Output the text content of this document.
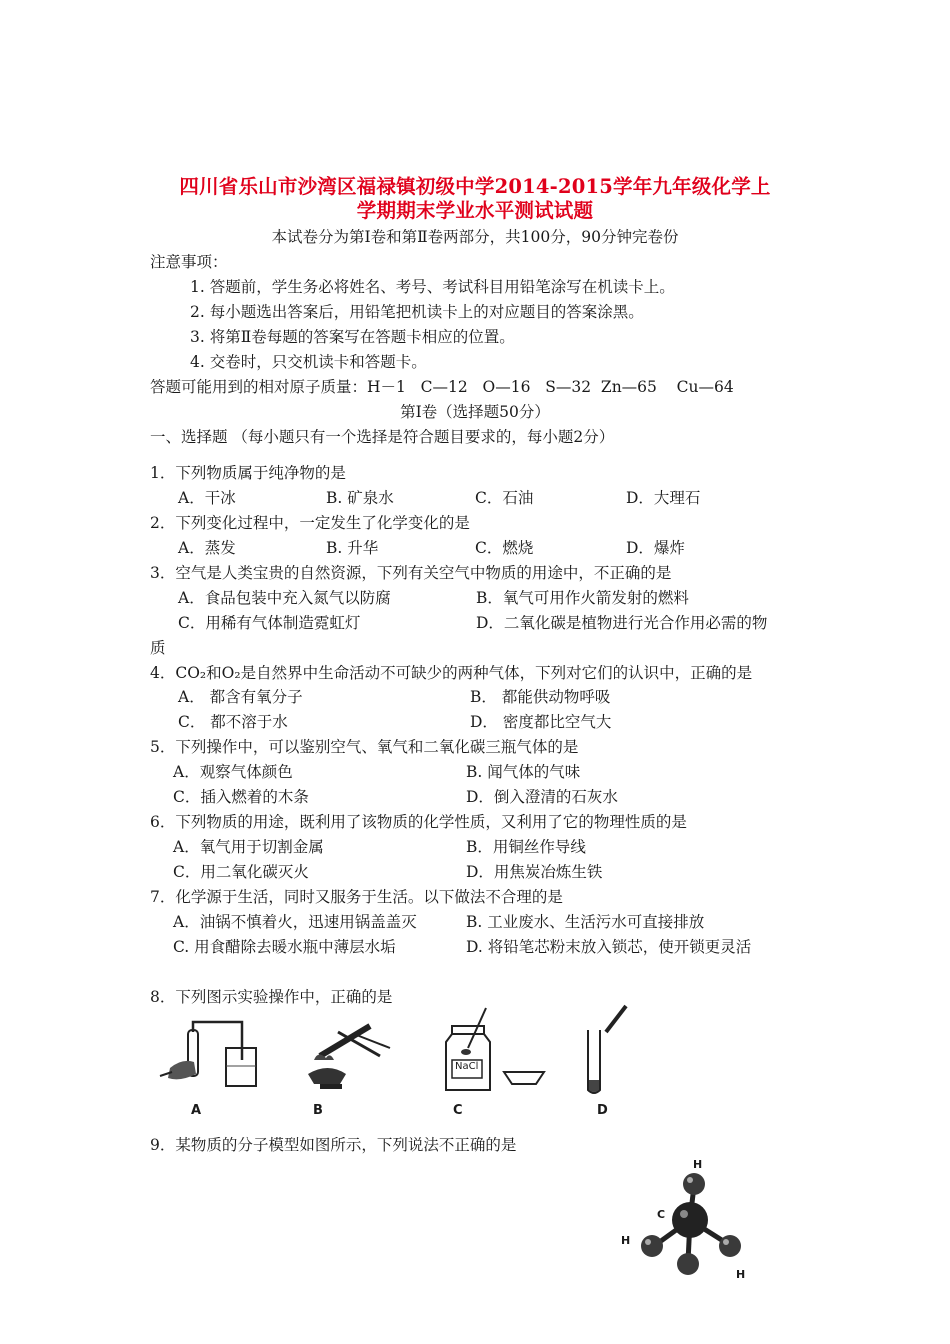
四川省乐山市沙湾区福禄镇初级中学2014-2015学年九年级化学上
学期期末学业水平测试试题
本试卷分为第Ⅰ卷和第Ⅱ卷两部分，共100分，90分钟完卷份
注意事项：
1. 答题前，学生务必将姓名、考号、考试科目用铅笔涂写在机读卡上。
2. 每小题选出答案后，用铅笔把机读卡上的对应题目的答案涂黑。
3. 将第Ⅱ卷每题的答案写在答题卡相应的位置。
4. 交卷时，只交机读卡和答题卡。
答题可能用到的相对原子质量：H－1   C—12   O—16   S—32  Zn—65    Cu—64
第Ⅰ卷（选择题50分）
一、选择题 （每小题只有一个选择是符合题目要求的，每小题2分）
1．下列物质属于纯净物的是
A．干冰	B. 矿泉水	C．石油	D．大理石
2．下列变化过程中，一定发生了化学变化的是
A．蒸发	B. 升华	C．燃烧	D．爆炸
3．空气是人类宝贵的自然资源，下列有关空气中物质的用途中，不正确的是
A．食品包装中充入氮气以防腐	B．氧气可用作火箭发射的燃料
C．用稀有气体制造霓虹灯	D．二氧化碳是植物进行光合作用必需的物
质
4．CO₂和O₂是自然界中生命活动不可缺少的两种气体，下列对它们的认识中，正确的是
A． 都含有氧分子	B． 都能供动物呼吸
C． 都不溶于水	D． 密度都比空气大
5．下列操作中，可以鉴别空气、氧气和二氧化碳三瓶气体的是
A．观察气体颜色	B. 闻气体的气味
C．插入燃着的木条	D．倒入澄清的石灰水
6．下列物质的用途，既利用了该物质的化学性质，又利用了它的物理性质的是
A．氧气用于切割金属	B．用铜丝作导线
C．用二氧化碳灭火	D．用焦炭冶炼生铁
7．化学源于生活，同时又服务于生活。以下做法不合理的是
A．油锅不慎着火，迅速用锅盖盖灭	B. 工业废水、生活污水可直接排放
C. 用食醋除去暖水瓶中薄层水垢	D. 将铅笔芯粉末放入锁芯，使开锁更灵活
8．下列图示实验操作中，正确的是
A	B
NaCl
C	D
9．某物质的分子模型如图所示，下列说法不正确的是
H
C
H
H
